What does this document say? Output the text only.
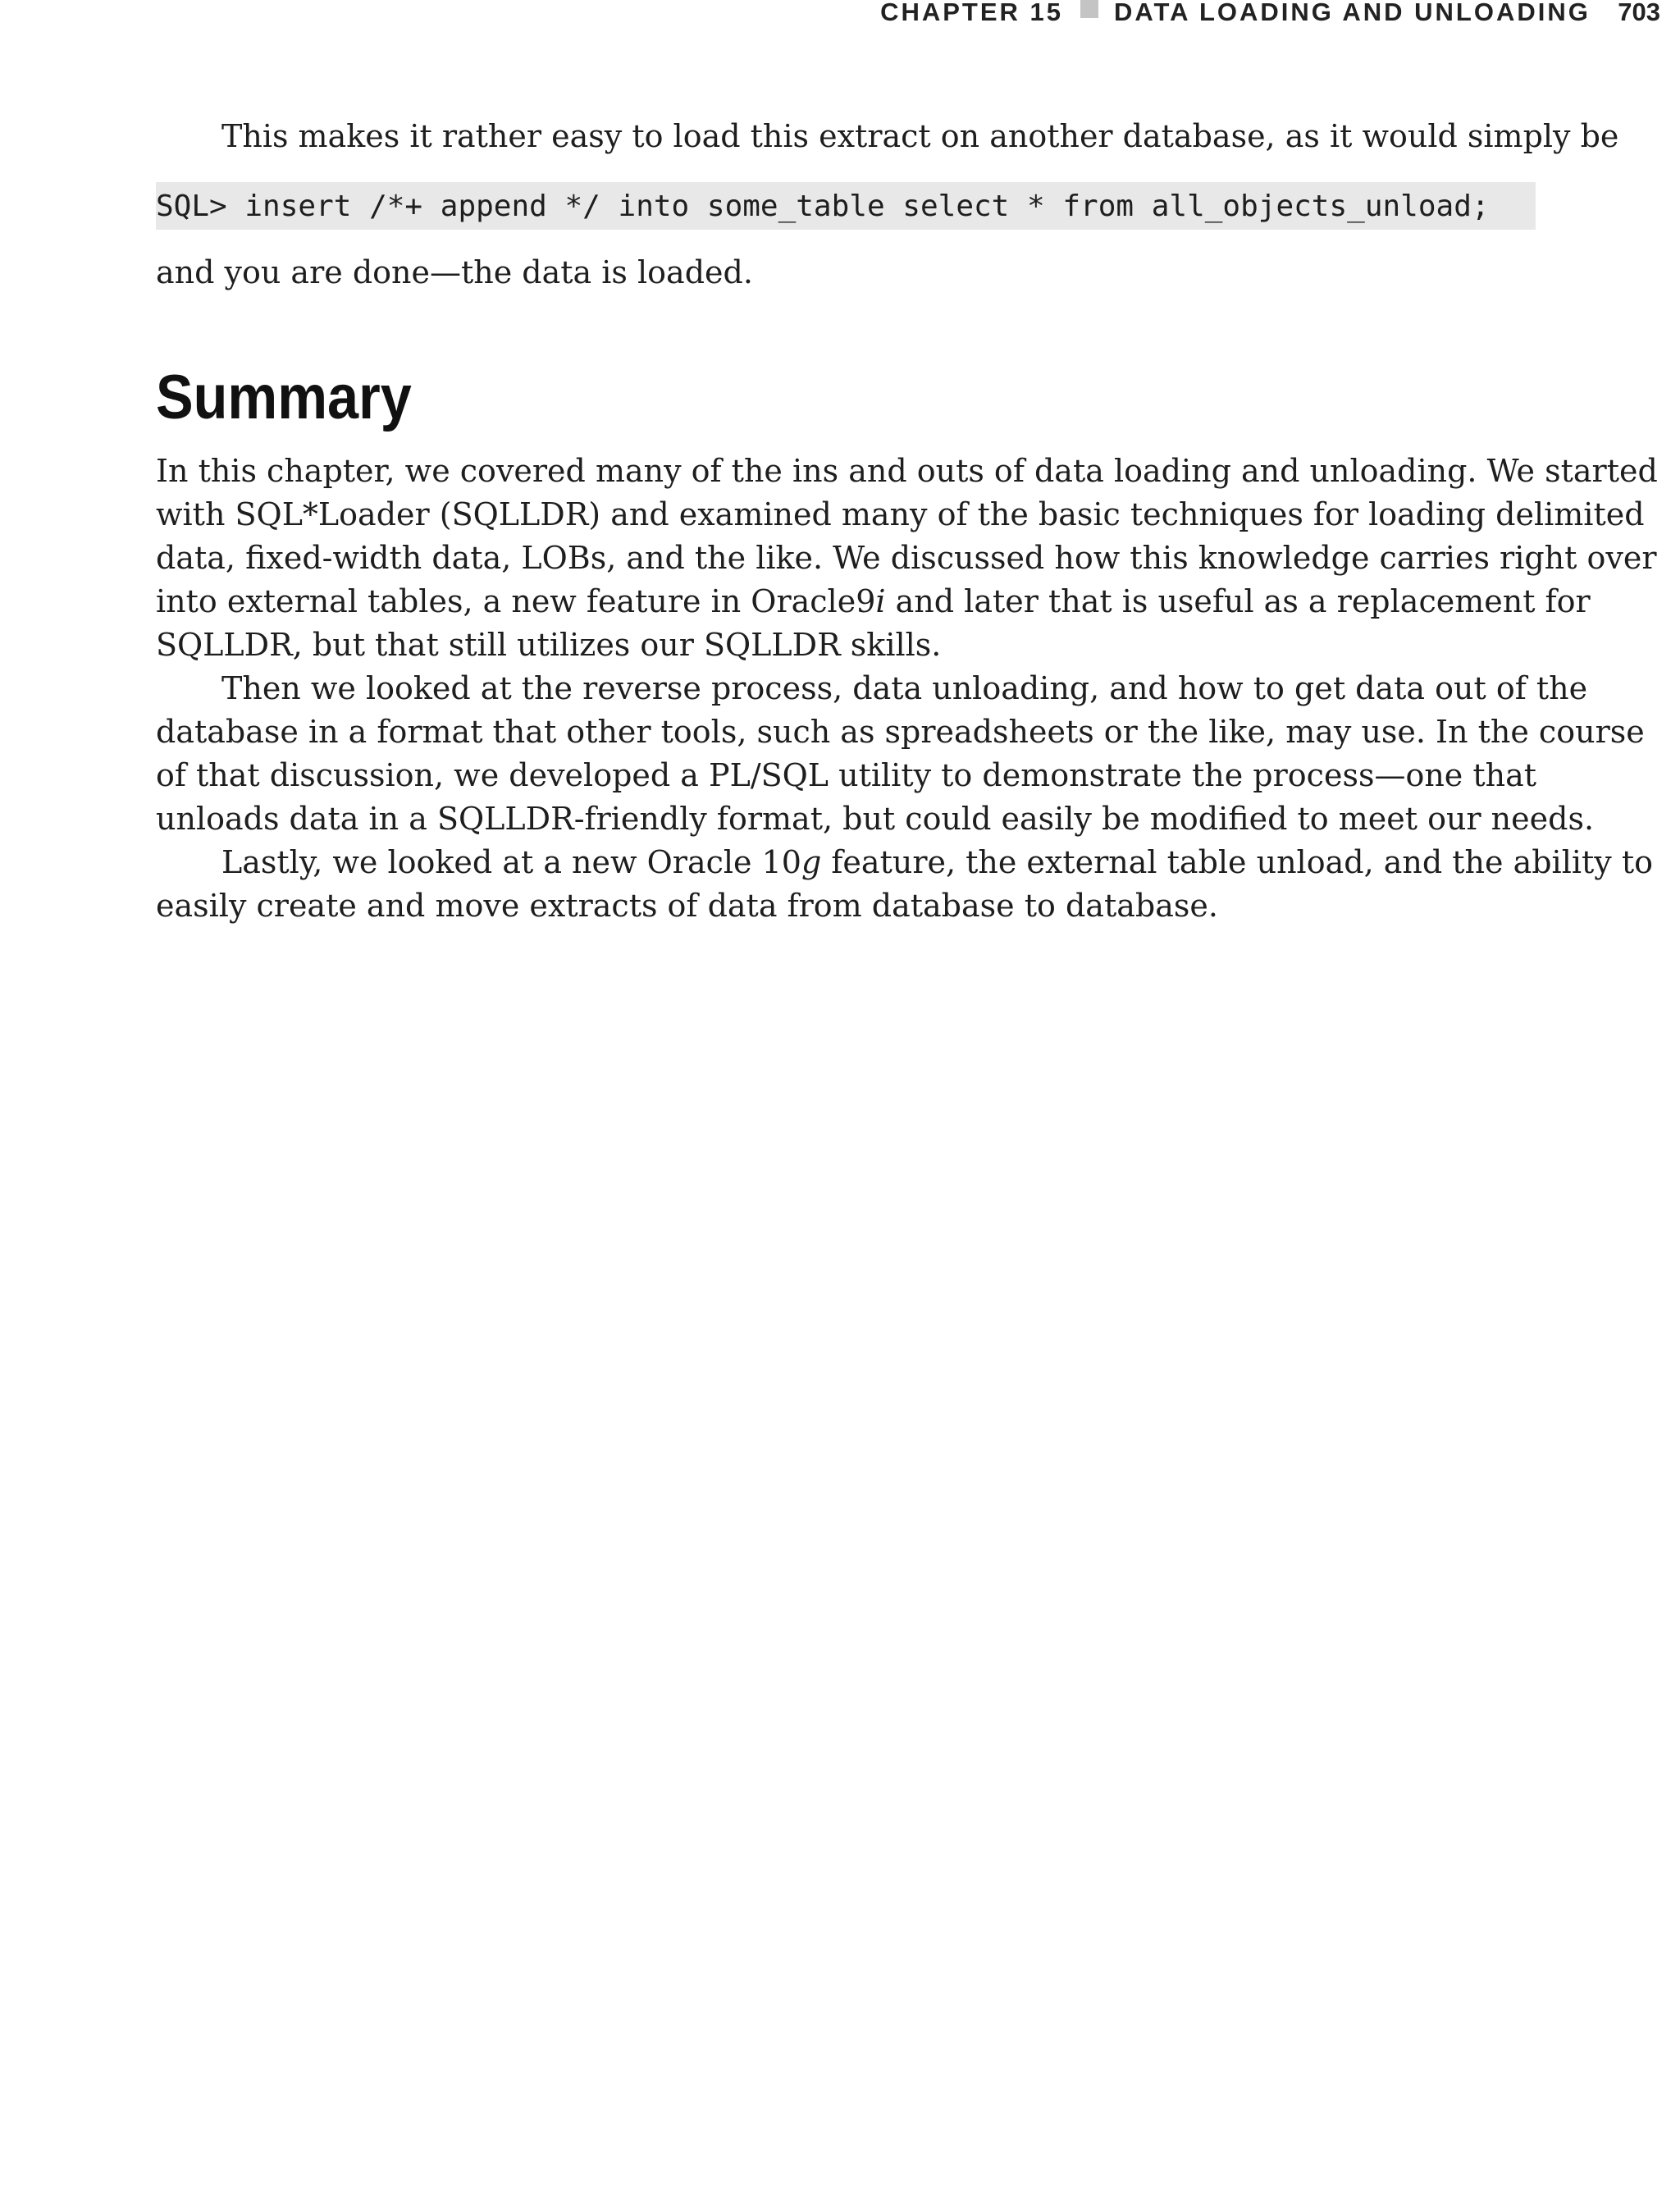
CHAPTER 15 DATA LOADING AND UNLOADING 703
This makes it rather easy to load this extract on another database, as it would simply be
SQL> insert /*+ append */ into some_table select * from all_objects_unload;
and you are done—the data is loaded.
Summary
In this chapter, we covered many of the ins and outs of data loading and unloading. We started
with SQL*Loader (SQLLDR) and examined many of the basic techniques for loading delimited
data, fixed-width data, LOBs, and the like. We discussed how this knowledge carries right over
into external tables, a new feature in Oracle9i and later that is useful as a replacement for
SQLLDR, but that still utilizes our SQLLDR skills.
Then we looked at the reverse process, data unloading, and how to get data out of the
database in a format that other tools, such as spreadsheets or the like, may use. In the course
of that discussion, we developed a PL/SQL utility to demonstrate the process—one that
unloads data in a SQLLDR-friendly format, but could easily be modified to meet our needs.
Lastly, we looked at a new Oracle 10g feature, the external table unload, and the ability to
easily create and move extracts of data from database to database.
